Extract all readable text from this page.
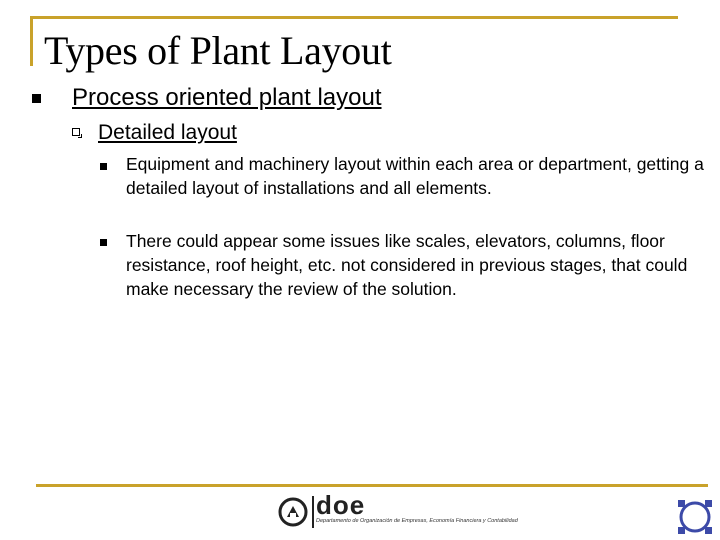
Types of Plant Layout
Process oriented plant layout
Detailed layout
Equipment and machinery layout within each area or department, getting a detailed layout of installations and all elements.
There could appear some issues like scales, elevators, columns, floor resistance, roof height, etc. not considered in previous stages, that could make necessary the review of the solution.
doe
Departamento de Organización de Empresas, Economía Financiera y Contabilidad
